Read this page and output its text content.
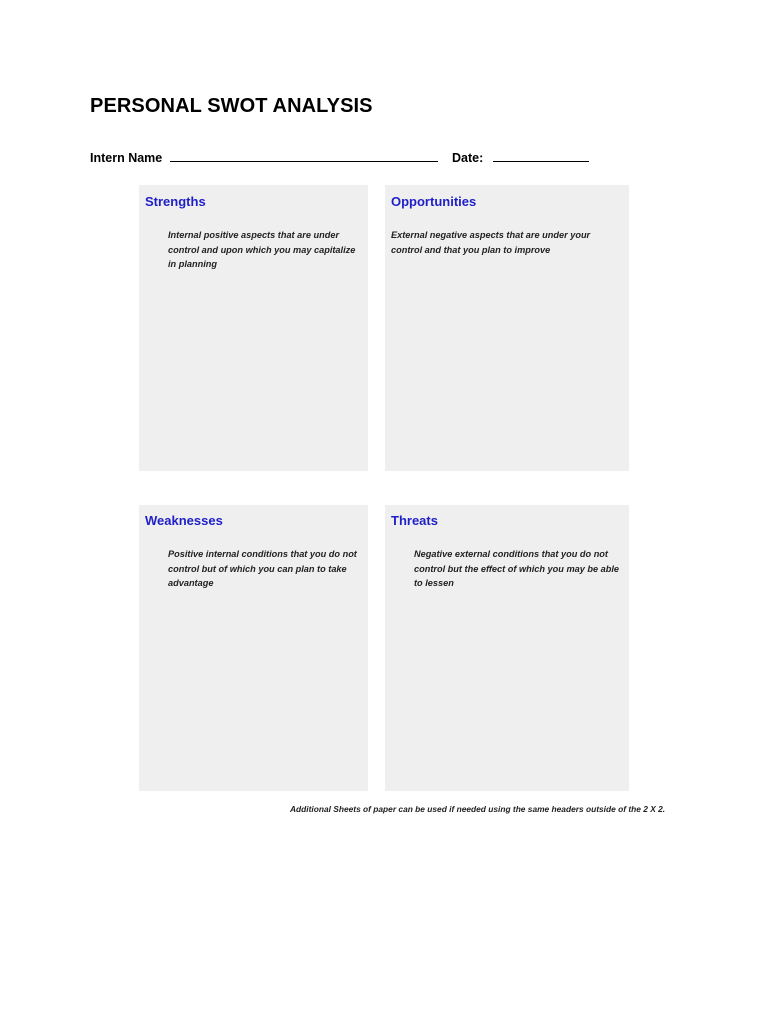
PERSONAL SWOT ANALYSIS
Intern Name	Date:
Strengths
Internal positive aspects that are under control and upon which you may capitalize in planning
Opportunities
External negative aspects that are under your control and that you plan to improve
Weaknesses
Positive internal conditions that you do not control but of which you can plan to take advantage
Threats
Negative external conditions that you do not control but the effect of which you may be able to lessen
Additional Sheets of paper can be used if needed using the same headers outside of the 2 X 2.
